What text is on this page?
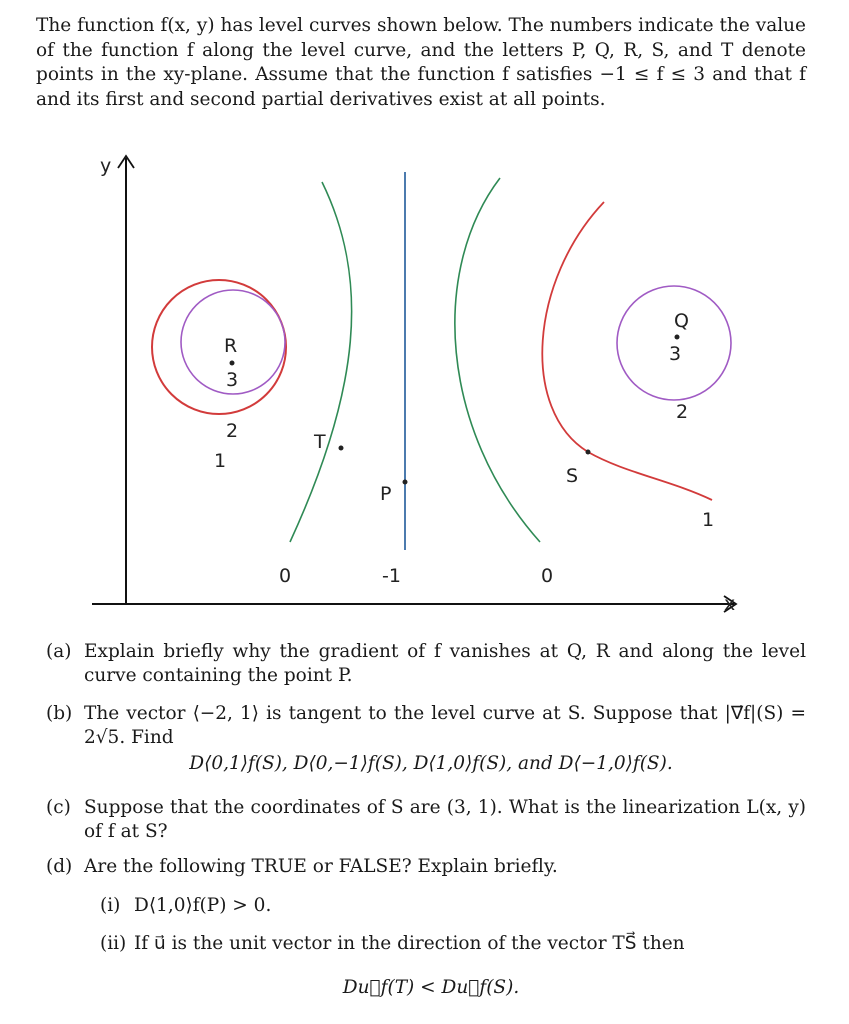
The function f(x, y) has level curves shown below. The numbers indicate the value of the function f along the level curve, and the letters P, Q, R, S, and T denote points in the xy-plane. Assume that the function f satisfies −1 ≤ f ≤ 3 and that f and its first and second partial derivatives exist at all points.
y
x
R
3
2
1
0
T
P
-1	0
S
1
Q
3
2
(a) Explain briefly why the gradient of f vanishes at Q, R and along the level curve containing the point P.
(b) The vector ⟨−2, 1⟩ is tangent to the level curve at S. Suppose that |∇⃗f|(S) = 2√5. Find
D⟨0,1⟩f(S), D⟨0,−1⟩f(S), D⟨1,0⟩f(S), and D⟨−1,0⟩f(S).
(c) Suppose that the coordinates of S are (3, 1). What is the linearization L(x, y) of f at S?
(d) Are the following TRUE or FALSE? Explain briefly.
(i) D⟨1,0⟩f(P) > 0.
(ii) If u⃗ is the unit vector in the direction of the vector TS⃗ then
Du⃗f(T) < Du⃗f(S).
